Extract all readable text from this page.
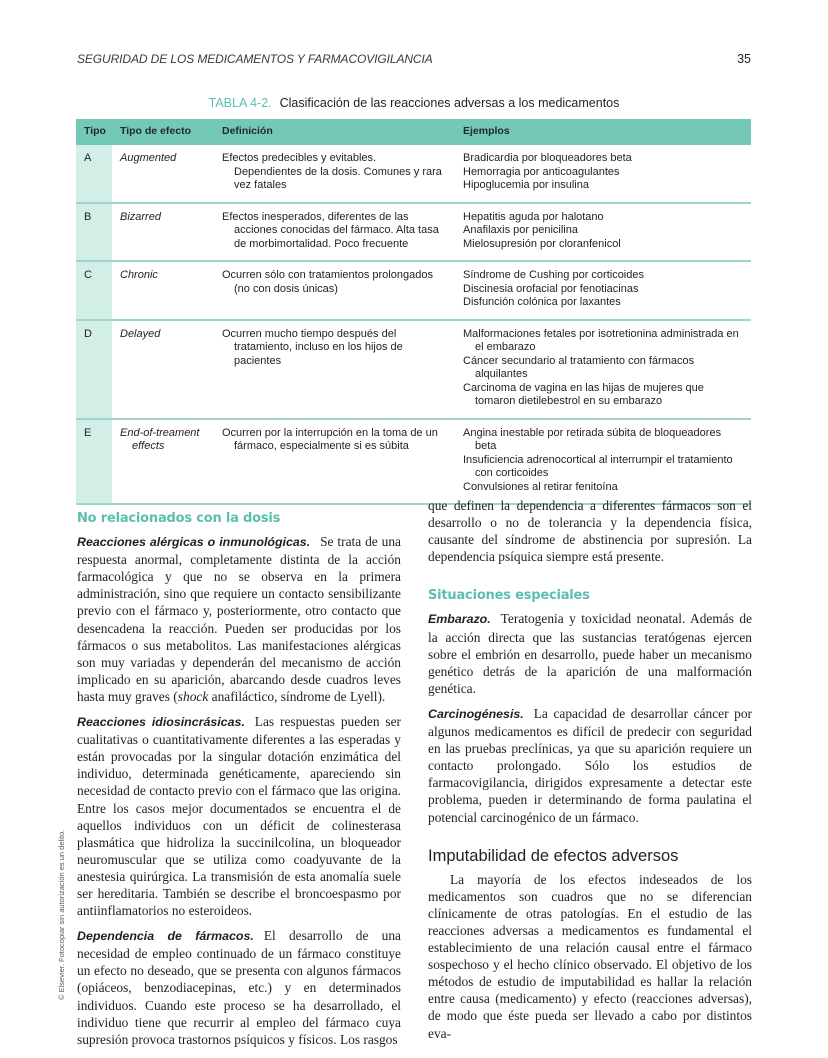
SEGURIDAD DE LOS MEDICAMENTOS Y FARMACOVIGILANCIA	35
TABLA 4-2. Clasificación de las reacciones adversas a los medicamentos
Tipo	Tipo de efecto	Definición	Ejemplos
A	Augmented	Efectos predecibles y evitables. Dependientes de la dosis. Comunes y rara vez fatales	Bradicardia por bloqueadores beta
Hemorragia por anticoagulantes
Hipoglucemia por insulina

B	Bizarred	Efectos inesperados, diferentes de las acciones conocidas del fármaco. Alta tasa de morbimortalidad. Poco frecuente	Hepatitis aguda por halotano
Anafilaxis por penicilina
Mielosupresión por cloranfenicol

C	Chronic	Ocurren sólo con tratamientos prolongados (no con dosis únicas)	Síndrome de Cushing por corticoides
Discinesia orofacial por fenotiacinas
Disfunción colónica por laxantes

D	Delayed	Ocurren mucho tiempo después del tratamiento, incluso en los hijos de pacientes	Malformaciones fetales por isotretionina administrada en el embarazo
Cáncer secundario al tratamiento con fármacos alquilantes
Carcinoma de vagina en las hijas de mujeres que tomaron dietilebestrol en su embarazo

E	End-of-treament effects	Ocurren por la interrupción en la toma de un fármaco, especialmente si es súbita	Angina inestable por retirada súbita de bloqueadores beta
Insuficiencia adrenocortical al interrumpir el tratamiento con corticoides
Convulsiones al retirar fenitoína
No relacionados con la dosis

Reacciones alérgicas o inmunológicas. Se trata de una respuesta anormal, completamente distinta de la acción farmacológica y que no se observa en la primera administración, sino que requiere un contacto sensibilizante previo con el fármaco y, posteriormente, otro contacto que desencadena la reacción. Pueden ser producidas por los fármacos o sus metabolitos. Las manifestaciones alérgicas son muy variadas y dependerán del mecanismo de acción implicado en su aparición, abarcando desde cuadros leves hasta muy graves (shock anafiláctico, síndrome de Lyell).

Reacciones idiosincrásicas. Las respuestas pueden ser cualitativas o cuantitativamente diferentes a las esperadas y están provocadas por la singular dotación enzimática del individuo, determinada genéticamente, apareciendo sin necesidad de contacto previo con el fármaco que las origina. Entre los casos mejor documentados se encuentra el de aquellos individuos con un déficit de colinesterasa plasmática que hidroliza la succinilcolina, un bloqueador neuromuscular que se utiliza como coadyuvante de la anestesia quirúrgica. La transmisión de esta anomalía suele ser hereditaria. También se describe el broncoespasmo por antiinflamatorios no esteroideos.

Dependencia de fármacos. El desarrollo de una necesidad de empleo continuado de un fármaco constituye un efecto no deseado, que se presenta con algunos fármacos (opiáceos, benzodiacepinas, etc.) y en determinados individuos. Cuando este proceso se ha desarrollado, el individuo tiene que recurrir al empleo del fármaco cuya supresión provoca trastornos psíquicos y físicos. Los rasgos

que definen la dependencia a diferentes fármacos son el desarrollo o no de tolerancia y la dependencia física, causante del síndrome de abstinencia por supresión. La dependencia psíquica siempre está presente.

Situaciones especiales

Embarazo. Teratogenia y toxicidad neonatal. Además de la acción directa que las sustancias teratógenas ejercen sobre el embrión en desarrollo, puede haber un mecanismo genético detrás de la aparición de una malformación genética.

Carcinogénesis. La capacidad de desarrollar cáncer por algunos medicamentos es difícil de predecir con seguridad en las pruebas preclínicas, ya que su aparición requiere un contacto prolongado. Sólo los estudios de farmacovigilancia, dirigidos expresamente a detectar este problema, pueden ir determinando de forma paulatina el potencial carcinogénico de un fármaco.

Imputabilidad de efectos adversos

La mayoría de los efectos indeseados de los medicamentos son cuadros que no se diferencian clínicamente de otras patologías. En el estudio de las reacciones adversas a medicamentos es fundamental el establecimiento de una relación causal entre el fármaco sospechoso y el hecho clínico observado. El objetivo de los métodos de estudio de imputabilidad es hallar la relación entre causa (medicamento) y efecto (reacciones adversas), de modo que éste pueda ser llevado a cabo por distintos eva-

© Elsevier. Fotocopiar sin autorización es un delito.
